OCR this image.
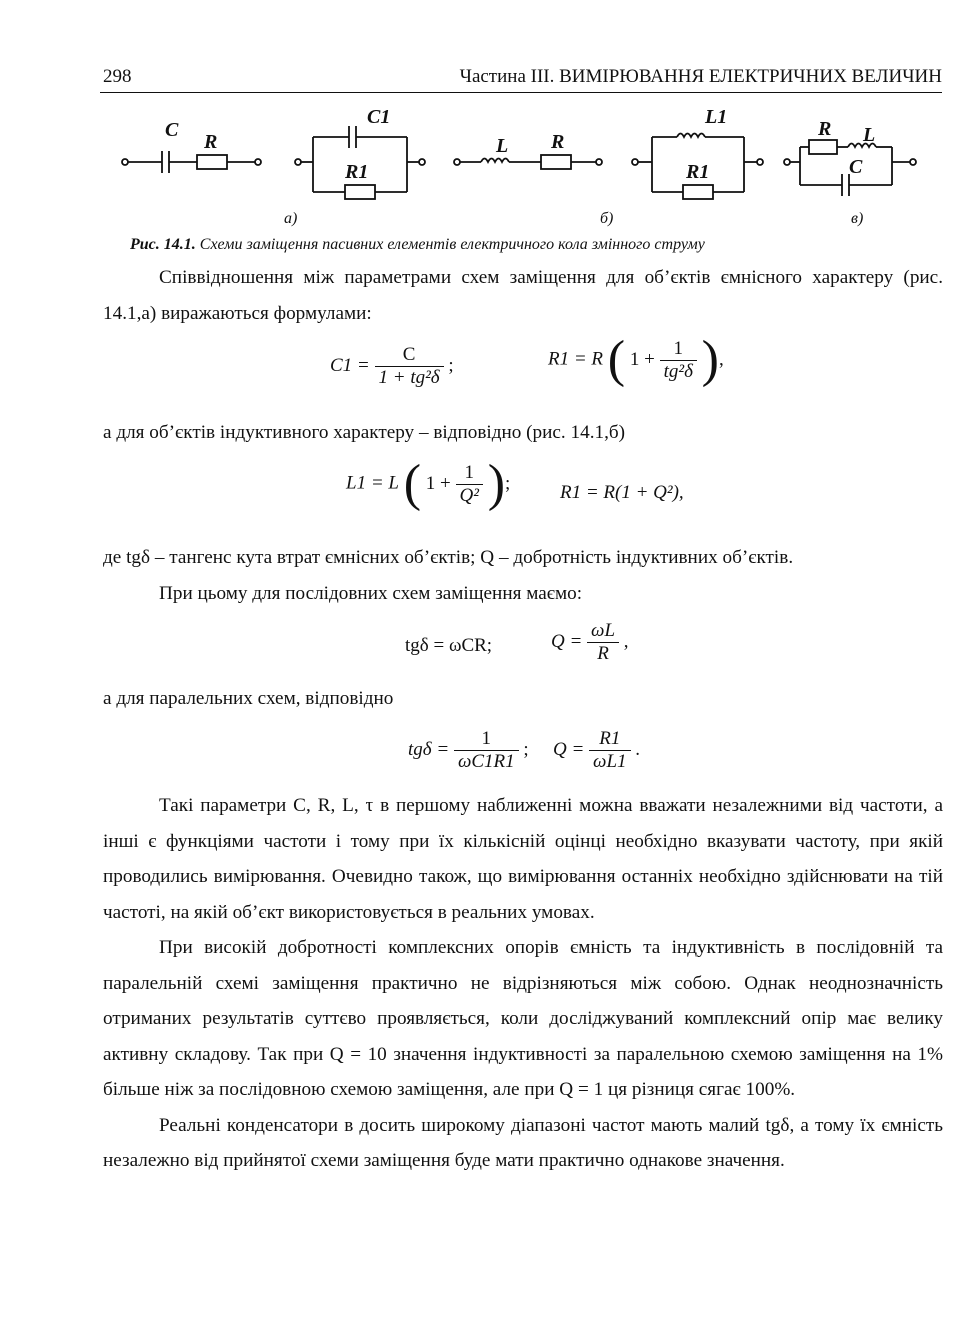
298	Частина III. ВИМІРЮВАННЯ ЕЛЕКТРИЧНИХ ВЕЛИЧИН
C
R
C1
R1
L R
L1
R1
R L
C
а)	б)	в)
Рис. 14.1. Схеми заміщення пасивних елементів електричного кола змінного струму

Співвідношення між параметрами схем заміщення для об’єктів ємнісного характеру (рис. 14.1,а) виражаються формулами:

$C1 = \frac{C}{\text{1 + tg²δ}}$ ;	R1 = R ( $1 + \frac{1}{\text{tg²δ}}$ ),

а для об’єктів індуктивного характеру – відповідно (рис. 14.1,б)

L1 = L ( $1 + \frac{1}{\text{Q²}}$ );	R1 = R(1 + Q²),

де tgδ – тангенс кута втрат ємнісних об’єктів; Q – добротність індуктивних об’єктів.

При цьому для послідовних схем заміщення маємо:

tgδ = ωCR;	$Q = \frac{\omega L}{R}$ ,

а для паралельних схем, відповідно

$tg\delta = \frac{1}{\omega C1R1}$ ; $Q = \frac{R1}{\omega L1}$ .

Такі параметри C, R, L, τ в першому наближенні можна вважати незалежними від частоти, а інші є функціями частоти і тому при їх кількісній оцінці необхідно вказувати частоту, при якій проводились вимірювання. Очевидно також, що вимірювання останніх необхідно здійснювати на тій частоті, на якій об’єкт використовується в реальних умовах.

При високій добротності комплексних опорів ємність та індуктивність в послідовній та паралельній схемі заміщення практично не відрізняються між собою. Однак неоднозначність отриманих результатів суттєво проявляється, коли досліджуваний комплексний опір має велику активну складову. Так при Q = 10 значення індуктивності за паралельною схемою заміщення на 1% більше ніж за послідовною схемою заміщення, але при Q = 1 ця різниця сягає 100%.

Реальні конденсатори в досить широкому діапазоні частот мають малий tgδ, а тому їх ємність незалежно від прийнятої схеми заміщення буде мати практично однакове значення.
